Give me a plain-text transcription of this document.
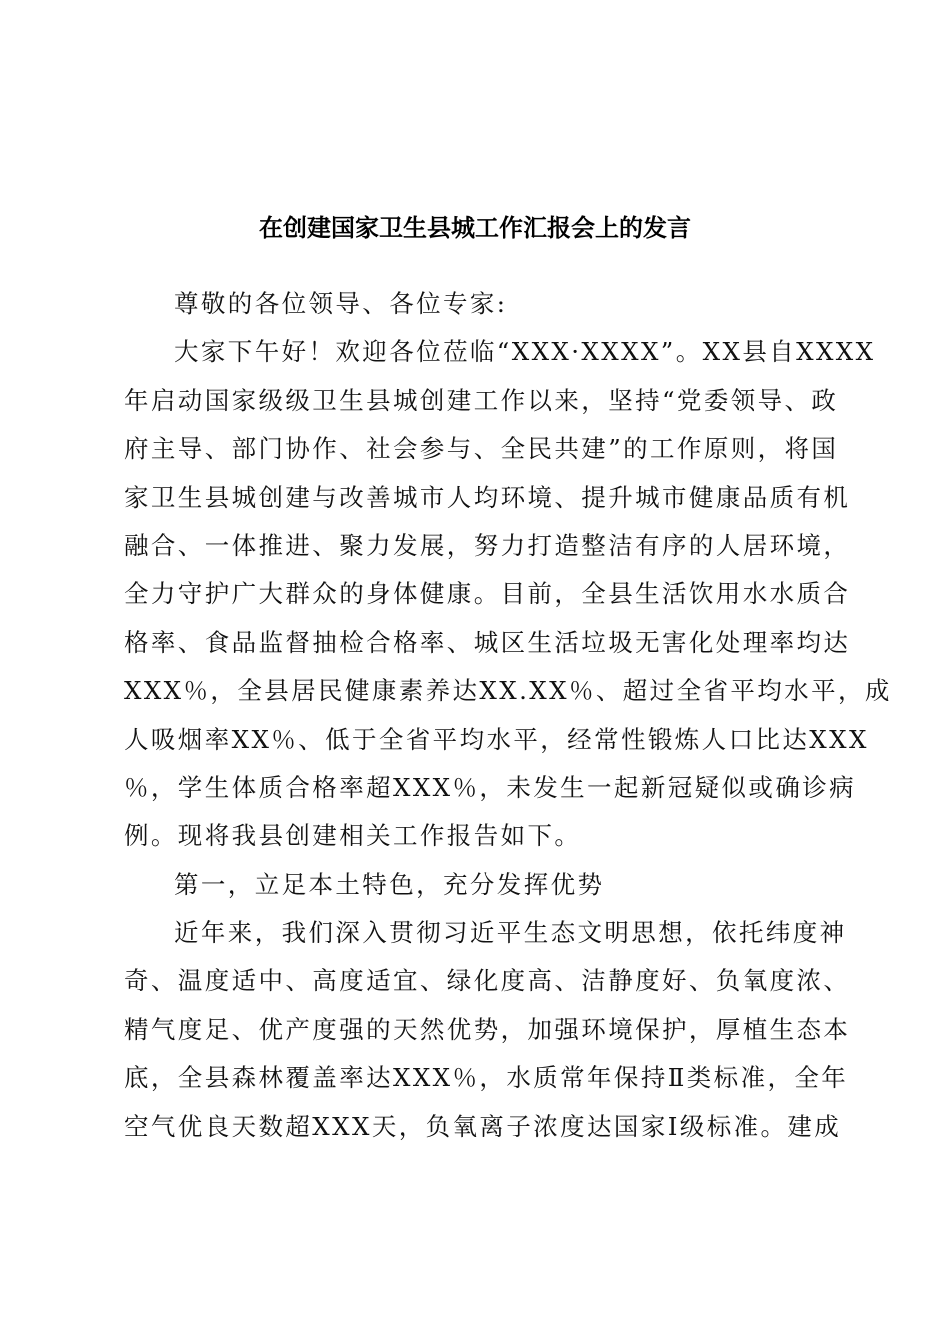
在创建国家卫生县城工作汇报会上的发言
尊敬的各位领导、各位专家:
大家下午好！欢迎各位莅临“XXX·XXXX”。XX县自XXXX
年启动国家级级卫生县城创建工作以来，坚持“党委领导、政
府主导、部门协作、社会参与、全民共建”的工作原则，将国
家卫生县城创建与改善城市人均环境、提升城市健康品质有机
融合、一体推进、聚力发展，努力打造整洁有序的人居环境，
全力守护广大群众的身体健康。目前，全县生活饮用水水质合
格率、食品监督抽检合格率、城区生活垃圾无害化处理率均达
XXX％，全县居民健康素养达XX.XX％、超过全省平均水平，成
人吸烟率XX％、低于全省平均水平，经常性锻炼人口比达XXX
％，学生体质合格率超XXX％，未发生一起新冠疑似或确诊病
例。现将我县创建相关工作报告如下。
第一，立足本土特色，充分发挥优势
近年来，我们深入贯彻习近平生态文明思想，依托纬度神
奇、温度适中、高度适宜、绿化度高、洁静度好、负氧度浓、
精气度足、优产度强的天然优势，加强环境保护，厚植生态本
底，全县森林覆盖率达XXX％，水质常年保持Ⅱ类标准，全年
空气优良天数超XXX天，负氧离子浓度达国家Ⅰ级标准。建成
